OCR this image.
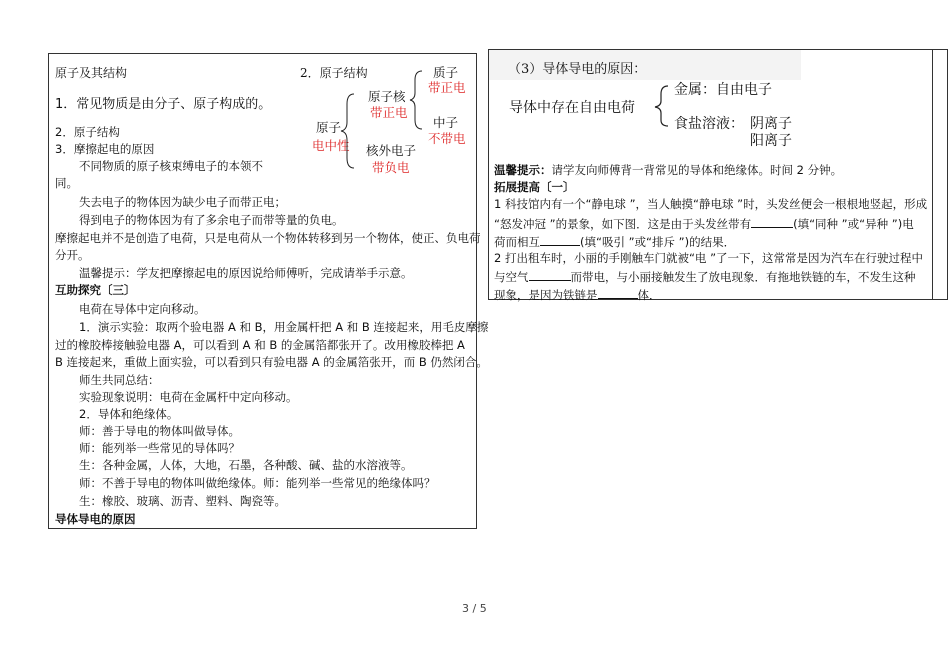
原子及其结构	2．原子结构
原子
电中性
原子核
带正电
核外电子
带负电
质子
带正电
中子
不带电
1．常见物质是由分子、原子构成的。
2．原子结构
3．摩擦起电的原因
不同物质的原子核束缚电子的本领不
同。
失去电子的物体因为缺少电子而带正电；
得到电子的物体因为有了多余电子而带等量的负电。
摩擦起电并不是创造了电荷，只是电荷从一个物体转移到另一个物体，使正、负电荷
分开。
温馨提示：学友把摩擦起电的原因说给师傅听，完成请举手示意。
互助探究〔三〕
电荷在导体中定向移动。
1．演示实验：取两个验电器 A 和 B，用金属杆把 A 和 B 连接起来，用毛皮摩擦
过的橡胶棒接触验电器 A，可以看到 A 和 B 的金属箔都张开了。改用橡胶棒把 A
B 连接起来，重做上面实验，可以看到只有验电器 A 的金属箔张开，而 B 仍然闭合。
师生共同总结：
实验现象说明：电荷在金属杆中定向移动。
2．导体和绝缘体。
师：善于导电的物体叫做导体。
师：能列举一些常见的导体吗？
生：各种金属，人体，大地，石墨，各种酸、碱、盐的水溶液等。
师：不善于导电的物体叫做绝缘体。师：能列举一些常见的绝缘体吗？
生：橡胶、玻璃、沥青、塑料、陶瓷等。
导体导电的原因
（3）导体导电的原因：
导体中存在自由电荷
金属：自由电子
食盐溶液： 阴离子
阳离子
温馨提示：请学友向师傅背一背常见的导体和绝缘体。时间 2 分钟。
拓展提高〔一〕
1 科技馆内有一个“静电球 ”，当人触摸“静电球 ”时，头发丝便会一根根地竖起，形成
“怒发冲冠 ”的景象，如下图．这是由于头发丝带有	(填“同种 ”或“异种 ”)电
荷而相互	(填“吸引 ”或“排斥 ”)的结果．
2 打出租车时，小丽的手刚触车门就被“电 ”了一下，这常常是因为汽车在行驶过程中
与空气	而带电，与小丽接触发生了放电现象．有拖地铁链的车，不发生这种
现象，是因为铁链是	体．
3 / 5
